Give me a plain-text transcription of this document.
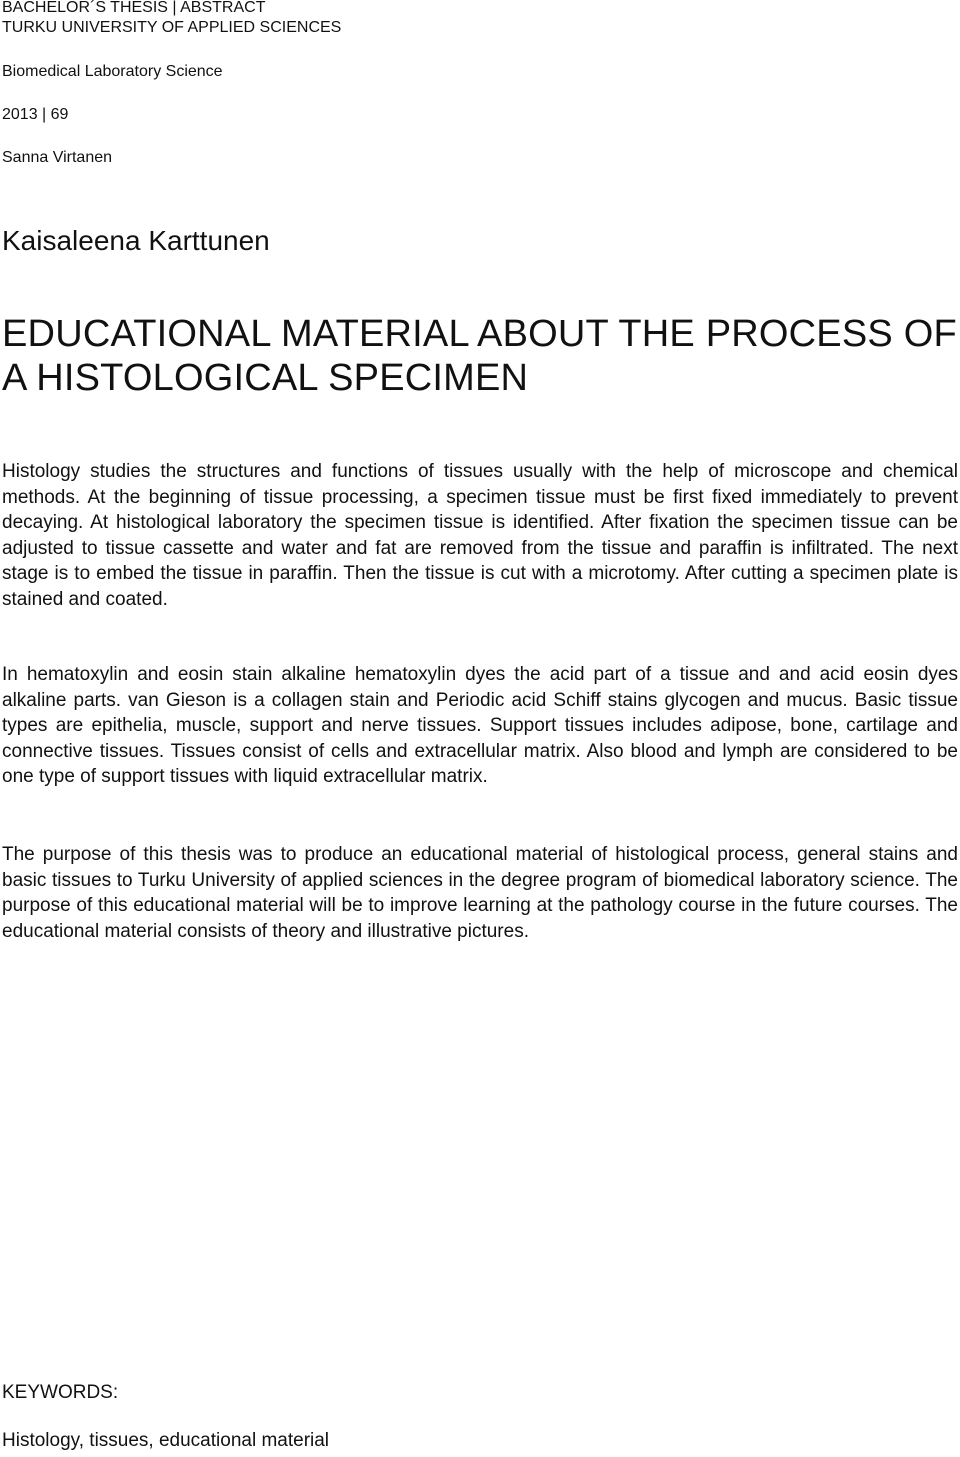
BACHELOR´S THESIS | ABSTRACT
TURKU UNIVERSITY OF APPLIED SCIENCES
Biomedical Laboratory Science
2013 | 69
Sanna Virtanen
Kaisaleena Karttunen
EDUCATIONAL MATERIAL ABOUT THE PROCESS OF A HISTOLOGICAL SPECIMEN

Histology studies the structures and functions of tissues usually with the help of microscope and chemical methods. At the beginning of tissue processing, a specimen tissue must be first fixed immediately to prevent decaying. At histological laboratory the specimen tissue is identified. After fixation the specimen tissue can be adjusted to tissue cassette and water and fat are removed from the tissue and paraffin is infiltrated. The next stage is to embed the tissue in paraffin. Then the tissue is cut with a microtomy. After cutting a specimen plate is stained and coated.

In hematoxylin and eosin stain alkaline hematoxylin dyes the acid part of a tissue and and acid eosin dyes alkaline parts. van Gieson is a collagen stain and Periodic acid Schiff stains glycogen and mucus. Basic tissue types are epithelia, muscle, support and nerve tissues. Support tissues includes adipose, bone, cartilage and connective tissues. Tissues consist of cells and extracellular matrix. Also blood and lymph are considered to be one type of support tissues with liquid extracellular matrix.

The purpose of this thesis was to produce an educational material of histological process, general stains and basic tissues to Turku University of applied sciences in the degree program of biomedical laboratory science. The purpose of this educational material will be to improve learning at the pathology course in the future courses. The educational material consists of theory and illustrative pictures.

KEYWORDS:
Histology, tissues, educational material
